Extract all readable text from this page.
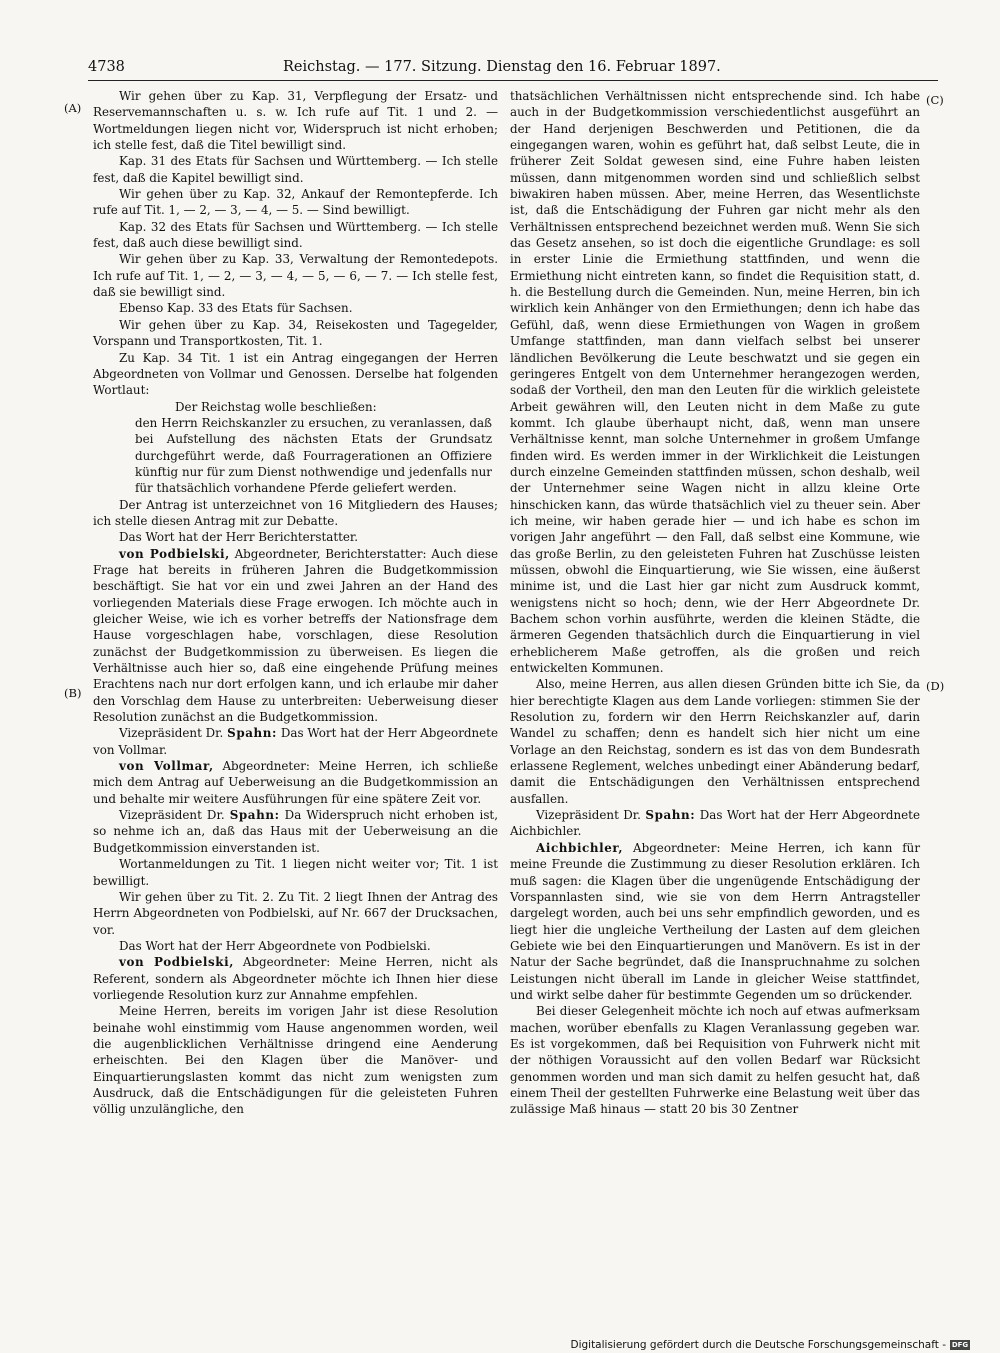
4738	Reichstag. — 177. Sitzung. Dienstag den 16. Februar 1897.
(A)
(B)
(C)
(D)

Wir gehen über zu Kap. 31, Verpflegung der Ersatz- und Reservemannschaften u. s. w. Ich rufe auf Tit. 1 und 2. — Wortmeldungen liegen nicht vor, Widerspruch ist nicht erhoben; ich stelle fest, daß die Titel bewilligt sind.

Kap. 31 des Etats für Sachsen und Württemberg. — Ich stelle fest, daß die Kapitel bewilligt sind.

Wir gehen über zu Kap. 32, Ankauf der Remontepferde. Ich rufe auf Tit. 1, — 2, — 3, — 4, — 5. — Sind bewilligt.

Kap. 32 des Etats für Sachsen und Württemberg. — Ich stelle fest, daß auch diese bewilligt sind.

Wir gehen über zu Kap. 33, Verwaltung der Remontedepots. Ich rufe auf Tit. 1, — 2, — 3, — 4, — 5, — 6, — 7. — Ich stelle fest, daß sie bewilligt sind.

Ebenso Kap. 33 des Etats für Sachsen.

Wir gehen über zu Kap. 34, Reisekosten und Tagegelder, Vorspann und Transportkosten, Tit. 1.

Zu Kap. 34 Tit. 1 ist ein Antrag eingegangen der Herren Abgeordneten von Vollmar und Genossen. Derselbe hat folgenden Wortlaut:

Der Reichstag wolle beschließen:

den Herrn Reichskanzler zu ersuchen, zu veranlassen, daß bei Aufstellung des nächsten Etats der Grundsatz durchgeführt werde, daß Fourragerationen an Offiziere künftig nur für zum Dienst nothwendige und jedenfalls nur für thatsächlich vorhandene Pferde geliefert werden.

Der Antrag ist unterzeichnet von 16 Mitgliedern des Hauses; ich stelle diesen Antrag mit zur Debatte.

Das Wort hat der Herr Berichterstatter.

von Podbielski, Abgeordneter, Berichterstatter: Auch diese Frage hat bereits in früheren Jahren die Budgetkommission beschäftigt. Sie hat vor ein und zwei Jahren an der Hand des vorliegenden Materials diese Frage erwogen. Ich möchte auch in gleicher Weise, wie ich es vorher betreffs der Nationsfrage dem Hause vorgeschlagen habe, vorschlagen, diese Resolution zunächst der Budgetkommission zu überweisen. Es liegen die Verhältnisse auch hier so, daß eine eingehende Prüfung meines Erachtens nach nur dort erfolgen kann, und ich erlaube mir daher den Vorschlag dem Hause zu unterbreiten: Ueberweisung dieser Resolution zunächst an die Budgetkommission.

Vizepräsident Dr. Spahn: Das Wort hat der Herr Abgeordnete von Vollmar.

von Vollmar, Abgeordneter: Meine Herren, ich schließe mich dem Antrag auf Ueberweisung an die Budgetkommission an und behalte mir weitere Ausführungen für eine spätere Zeit vor.

Vizepräsident Dr. Spahn: Da Widerspruch nicht erhoben ist, so nehme ich an, daß das Haus mit der Ueberweisung an die Budgetkommission einverstanden ist.

Wortanmeldungen zu Tit. 1 liegen nicht weiter vor; Tit. 1 ist bewilligt.

Wir gehen über zu Tit. 2. Zu Tit. 2 liegt Ihnen der Antrag des Herrn Abgeordneten von Podbielski, auf Nr. 667 der Drucksachen, vor.

Das Wort hat der Herr Abgeordnete von Podbielski.

von Podbielski, Abgeordneter: Meine Herren, nicht als Referent, sondern als Abgeordneter möchte ich Ihnen hier diese vorliegende Resolution kurz zur Annahme empfehlen.

Meine Herren, bereits im vorigen Jahr ist diese Resolution beinahe wohl einstimmig vom Hause angenommen worden, weil die augenblicklichen Verhältnisse dringend eine Aenderung erheischten. Bei den Klagen über die Manöver- und Einquartierungslasten kommt das nicht zum wenigsten zum Ausdruck, daß die Entschädigungen für die geleisteten Fuhren völlig unzulängliche, den

thatsächlichen Verhältnissen nicht entsprechende sind. Ich habe auch in der Budgetkommission verschiedentlichst ausgeführt an der Hand derjenigen Beschwerden und Petitionen, die da eingegangen waren, wohin es geführt hat, daß selbst Leute, die in früherer Zeit Soldat gewesen sind, eine Fuhre haben leisten müssen, dann mitgenommen worden sind und schließlich selbst biwakiren haben müssen. Aber, meine Herren, das Wesentlichste ist, daß die Entschädigung der Fuhren gar nicht mehr als den Verhältnissen entsprechend bezeichnet werden muß. Wenn Sie sich das Gesetz ansehen, so ist doch die eigentliche Grundlage: es soll in erster Linie die Ermiethung stattfinden, und wenn die Ermiethung nicht eintreten kann, so findet die Requisition statt, d. h. die Bestellung durch die Gemeinden. Nun, meine Herren, bin ich wirklich kein Anhänger von den Ermiethungen; denn ich habe das Gefühl, daß, wenn diese Ermiethungen von Wagen in großem Umfange stattfinden, man dann vielfach selbst bei unserer ländlichen Bevölkerung die Leute beschwatzt und sie gegen ein geringeres Entgelt von dem Unternehmer herangezogen werden, sodaß der Vortheil, den man den Leuten für die wirklich geleistete Arbeit gewähren will, den Leuten nicht in dem Maße zu gute kommt. Ich glaube überhaupt nicht, daß, wenn man unsere Verhältnisse kennt, man solche Unternehmer in großem Umfange finden wird. Es werden immer in der Wirklichkeit die Leistungen durch einzelne Gemeinden stattfinden müssen, schon deshalb, weil der Unternehmer seine Wagen nicht in allzu kleine Orte hinschicken kann, das würde thatsächlich viel zu theuer sein. Aber ich meine, wir haben gerade hier — und ich habe es schon im vorigen Jahr angeführt — den Fall, daß selbst eine Kommune, wie das große Berlin, zu den geleisteten Fuhren hat Zuschüsse leisten müssen, obwohl die Einquartierung, wie Sie wissen, eine äußerst minime ist, und die Last hier gar nicht zum Ausdruck kommt, wenigstens nicht so hoch; denn, wie der Herr Abgeordnete Dr. Bachem schon vorhin ausführte, werden die kleinen Städte, die ärmeren Gegenden thatsächlich durch die Einquartierung in viel erheblicherem Maße getroffen, als die großen und reich entwickelten Kommunen.

Also, meine Herren, aus allen diesen Gründen bitte ich Sie, da hier berechtigte Klagen aus dem Lande vorliegen: stimmen Sie der Resolution zu, fordern wir den Herrn Reichskanzler auf, darin Wandel zu schaffen; denn es handelt sich hier nicht um eine Vorlage an den Reichstag, sondern es ist das von dem Bundesrath erlassene Reglement, welches unbedingt einer Abänderung bedarf, damit die Entschädigungen den Verhältnissen entsprechend ausfallen.

Vizepräsident Dr. Spahn: Das Wort hat der Herr Abgeordnete Aichbichler.

Aichbichler, Abgeordneter: Meine Herren, ich kann für meine Freunde die Zustimmung zu dieser Resolution erklären. Ich muß sagen: die Klagen über die ungenügende Entschädigung der Vorspannlasten sind, wie sie von dem Herrn Antragsteller dargelegt worden, auch bei uns sehr empfindlich geworden, und es liegt hier die ungleiche Vertheilung der Lasten auf dem gleichen Gebiete wie bei den Einquartierungen und Manövern. Es ist in der Natur der Sache begründet, daß die Inanspruchnahme zu solchen Leistungen nicht überall im Lande in gleicher Weise stattfindet, und wirkt selbe daher für bestimmte Gegenden um so drückender.

Bei dieser Gelegenheit möchte ich noch auf etwas aufmerksam machen, worüber ebenfalls zu Klagen Veranlassung gegeben war. Es ist vorgekommen, daß bei Requisition von Fuhrwerk nicht mit der nöthigen Voraussicht auf den vollen Bedarf war Rücksicht genommen worden und man sich damit zu helfen gesucht hat, daß einem Theil der gestellten Fuhrwerke eine Belastung weit über das zulässige Maß hinaus — statt 20 bis 30 Zentner

Digitalisierung gefördert durch die Deutsche Forschungsgemeinschaft - DFG
